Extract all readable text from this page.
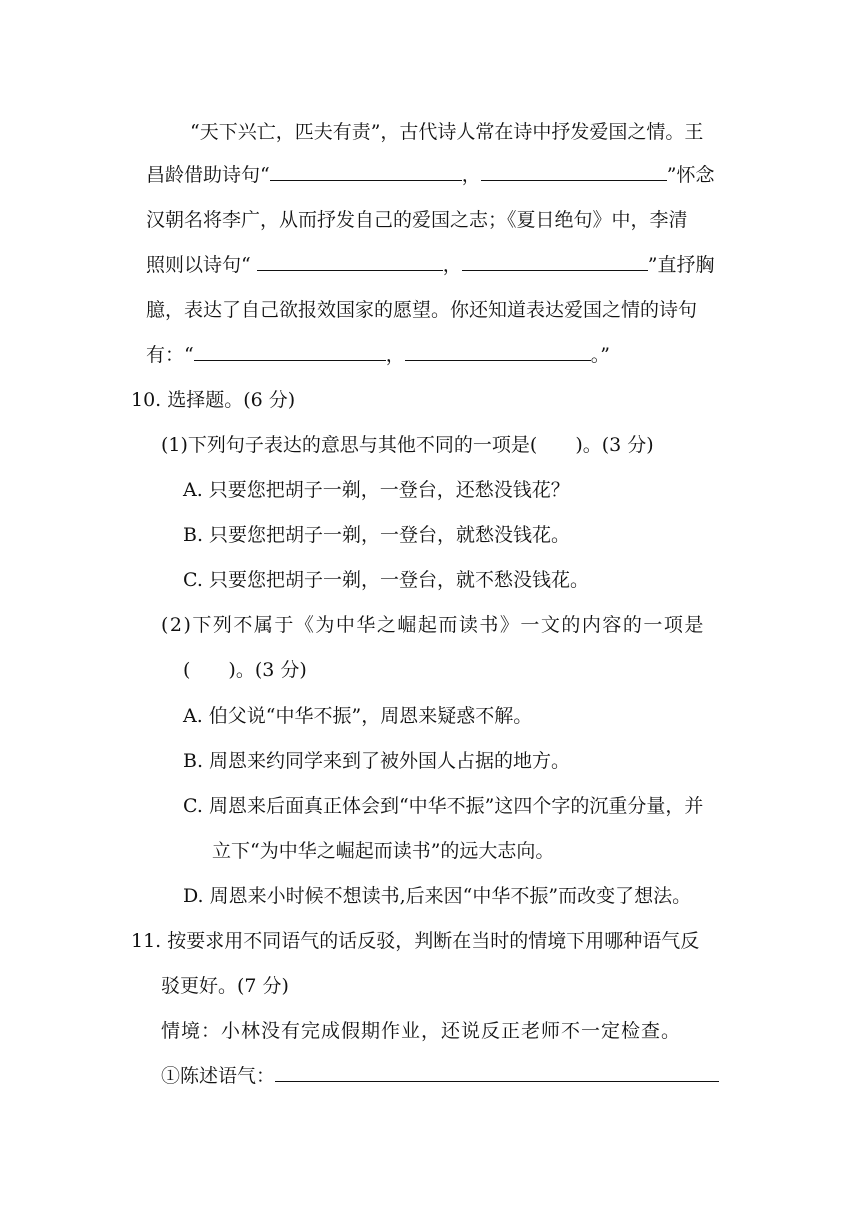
“天下兴亡，匹夫有责”，古代诗人常在诗中抒发爱国之情。王
昌龄借助诗句“	，	”怀念
汉朝名将李广，从而抒发自己的爱国之志；《夏日绝句》中，李清
照则以诗句“	，	”直抒胸
臆，表达了自己欲报效国家的愿望。你还知道表达爱国之情的诗句
有：“	，	。”
10. 选择题。(6 分)
(1)下列句子表达的意思与其他不同的一项是(　　)。(3 分)
A. 只要您把胡子一剃，一登台，还愁没钱花？
B. 只要您把胡子一剃，一登台，就愁没钱花。
C. 只要您把胡子一剃，一登台，就不愁没钱花。
(2)下列不属于《为中华之崛起而读书》一文的内容的一项是
(　　)。(3 分)
A. 伯父说“中华不振”，周恩来疑惑不解。
B. 周恩来约同学来到了被外国人占据的地方。
C. 周恩来后面真正体会到“中华不振”这四个字的沉重分量，并
立下“为中华之崛起而读书”的远大志向。
D. 周恩来小时候不想读书,后来因“中华不振”而改变了想法。
11. 按要求用不同语气的话反驳，判断在当时的情境下用哪种语气反
驳更好。(7 分)
情境：小林没有完成假期作业，还说反正老师不一定检查。
①陈述语气：
